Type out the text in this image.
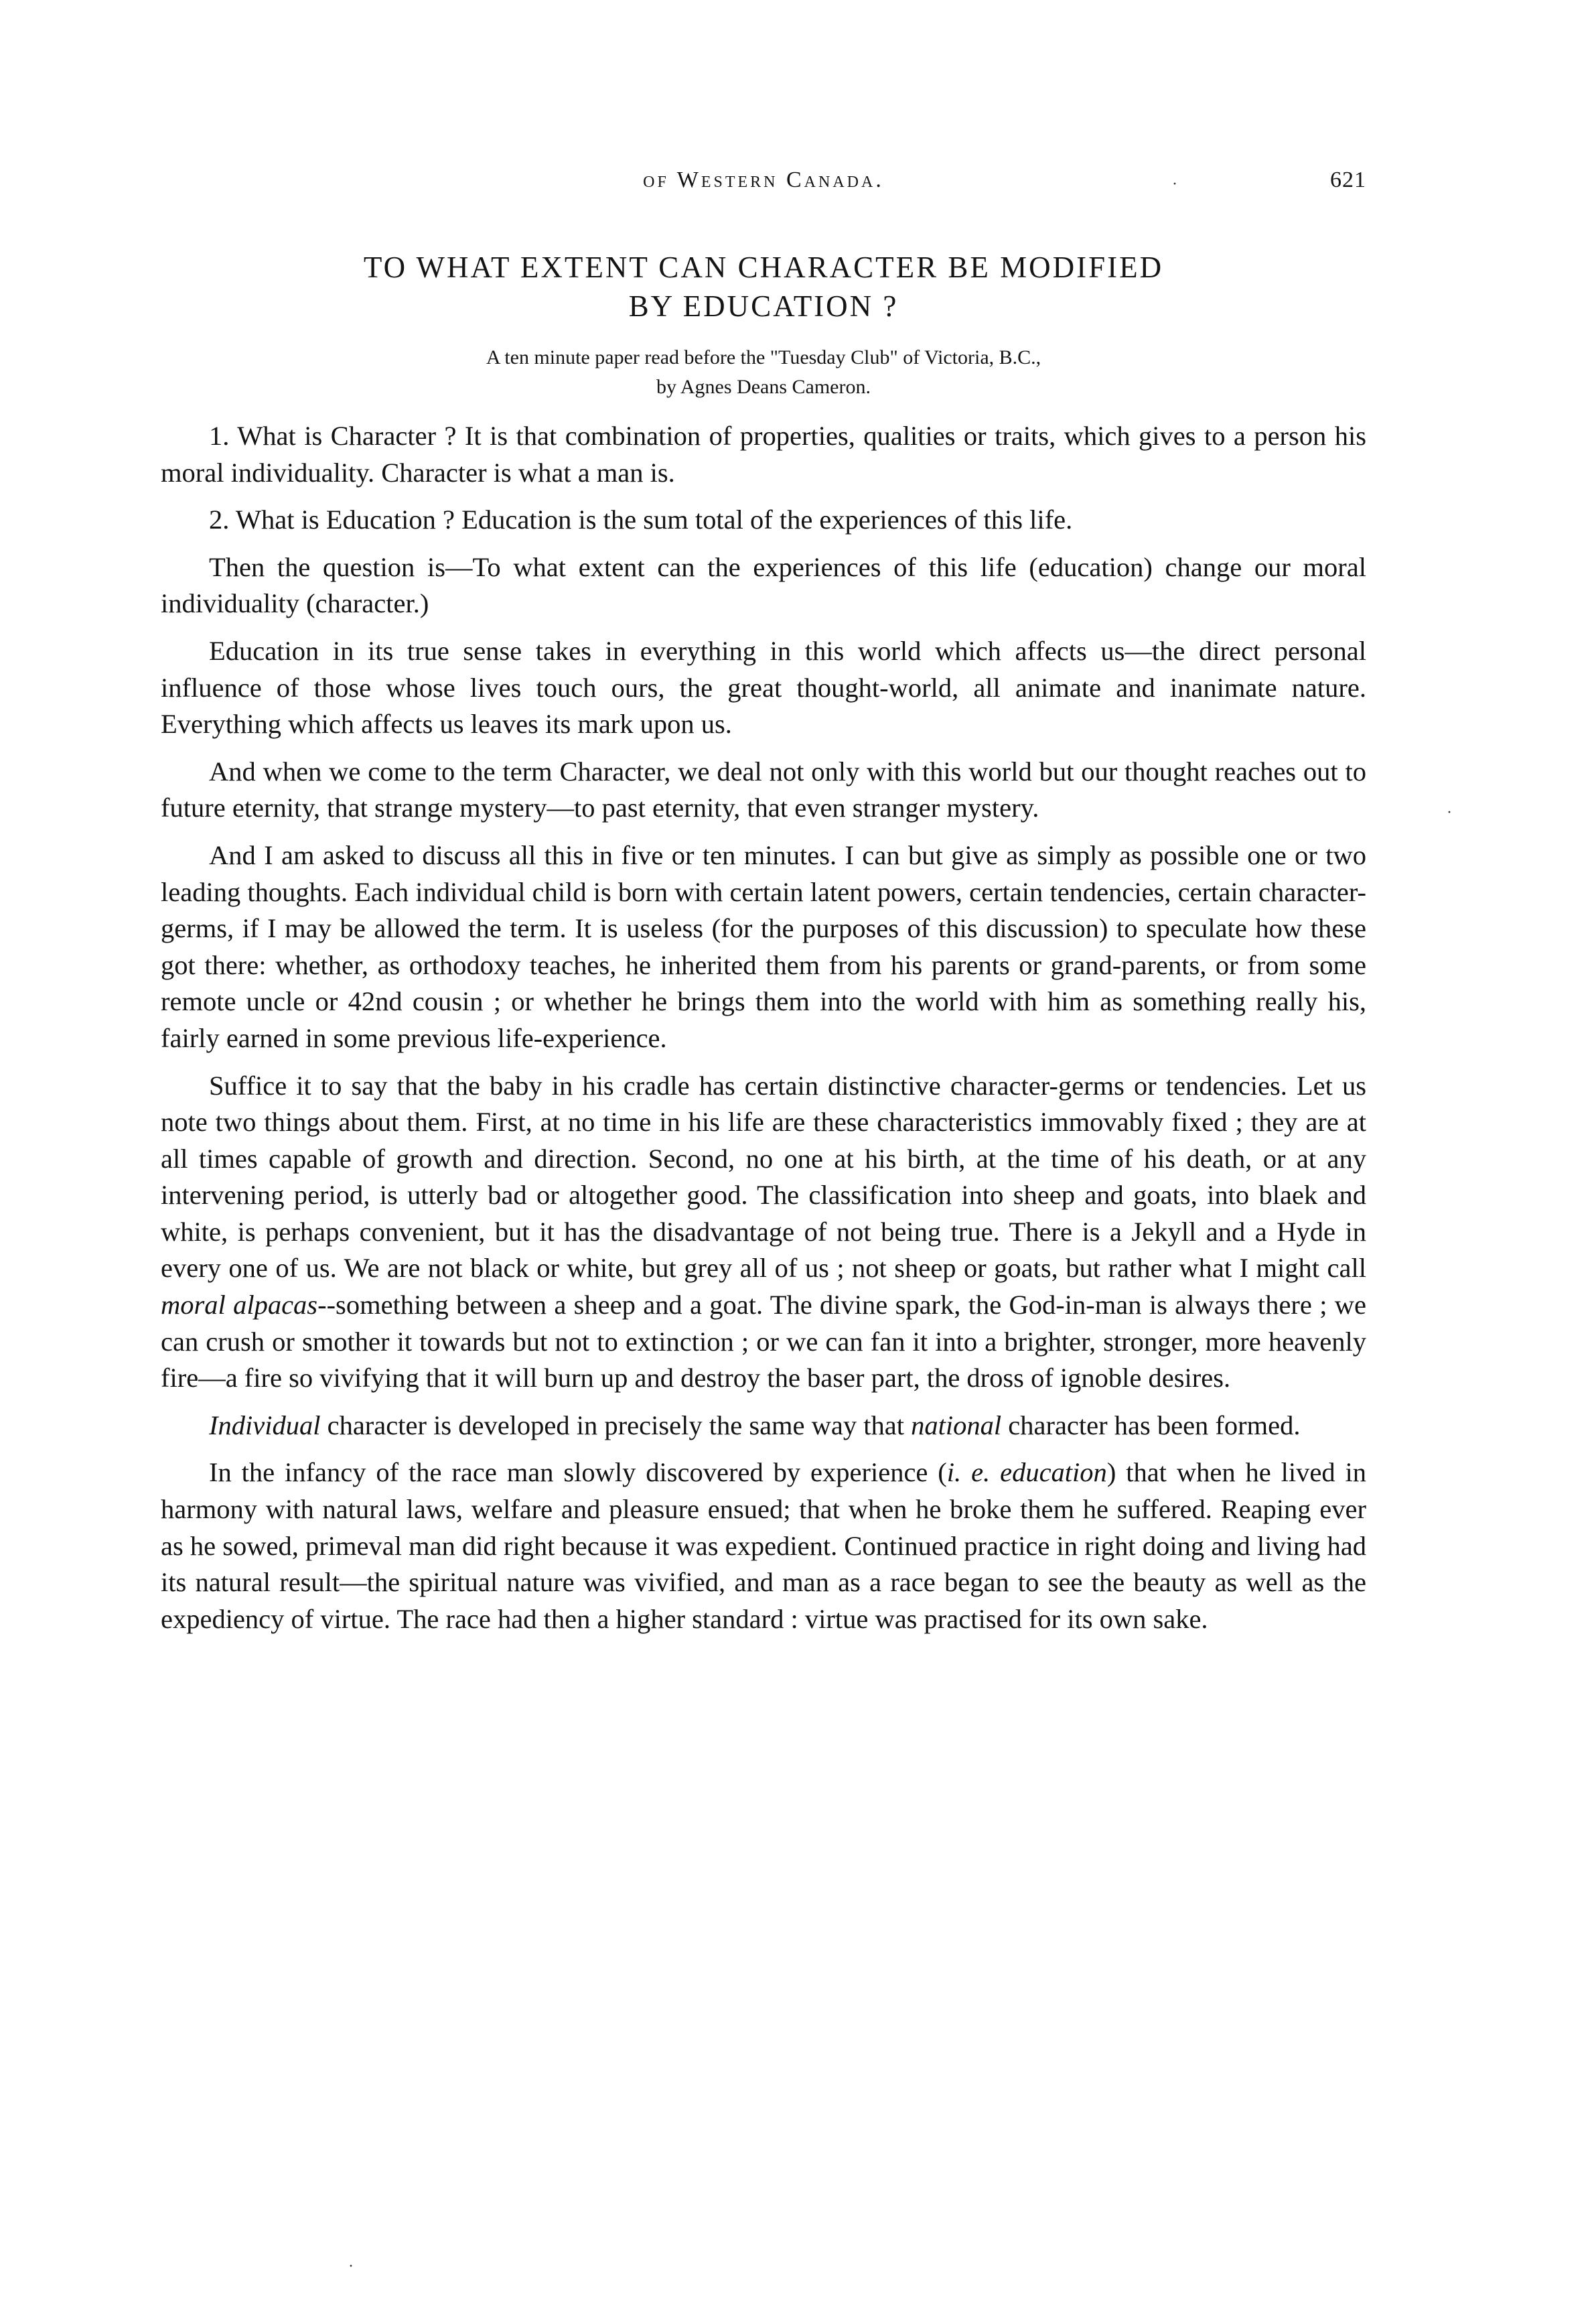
of Western Canada.	621
TO WHAT EXTENT CAN CHARACTER BE MODIFIED
BY EDUCATION ?
A ten minute paper read before the "Tuesday Club" of Victoria, B.C.,
by Agnes Deans Cameron.

1. What is Character ? It is that combination of properties, qualities or traits, which gives to a person his moral individuality. Character is what a man is.

2. What is Education ? Education is the sum total of the experiences of this life.

Then the question is—To what extent can the experiences of this life (education) change our moral individuality (character.)

Education in its true sense takes in everything in this world which affects us—the direct personal influence of those whose lives touch ours, the great thought-world, all animate and inanimate nature. Everything which affects us leaves its mark upon us.

And when we come to the term Character, we deal not only with this world but our thought reaches out to future eternity, that strange mystery—to past eternity, that even stranger mystery.

And I am asked to discuss all this in five or ten minutes. I can but give as simply as possible one or two leading thoughts. Each individual child is born with certain latent powers, certain tendencies, certain character-germs, if I may be allowed the term. It is useless (for the purposes of this discussion) to speculate how these got there: whether, as orthodoxy teaches, he inherited them from his parents or grand-parents, or from some remote uncle or 42nd cousin ; or whether he brings them into the world with him as something really his, fairly earned in some previous life-experience.

Suffice it to say that the baby in his cradle has certain distinctive character-germs or tendencies. Let us note two things about them. First, at no time in his life are these characteristics immovably fixed ; they are at all times capable of growth and direction. Second, no one at his birth, at the time of his death, or at any intervening period, is utterly bad or altogether good. The classification into sheep and goats, into blaek and white, is perhaps convenient, but it has the disadvantage of not being true. There is a Jekyll and a Hyde in every one of us. We are not black or white, but grey all of us ; not sheep or goats, but rather what I might call moral alpacas--something between a sheep and a goat. The divine spark, the God-in-man is always there ; we can crush or smother it towards but not to extinction ; or we can fan it into a brighter, stronger, more heavenly fire—a fire so vivifying that it will burn up and destroy the baser part, the dross of ignoble desires.

Individual character is developed in precisely the same way that national character has been formed.

In the infancy of the race man slowly discovered by experience (i. e. education) that when he lived in harmony with natural laws, welfare and pleasure ensued; that when he broke them he suffered. Reaping ever as he sowed, primeval man did right because it was expedient. Continued practice in right doing and living had its natural result—the spiritual nature was vivified, and man as a race began to see the beauty as well as the expediency of virtue. The race had then a higher standard : virtue was practised for its own sake.

·
·
·
